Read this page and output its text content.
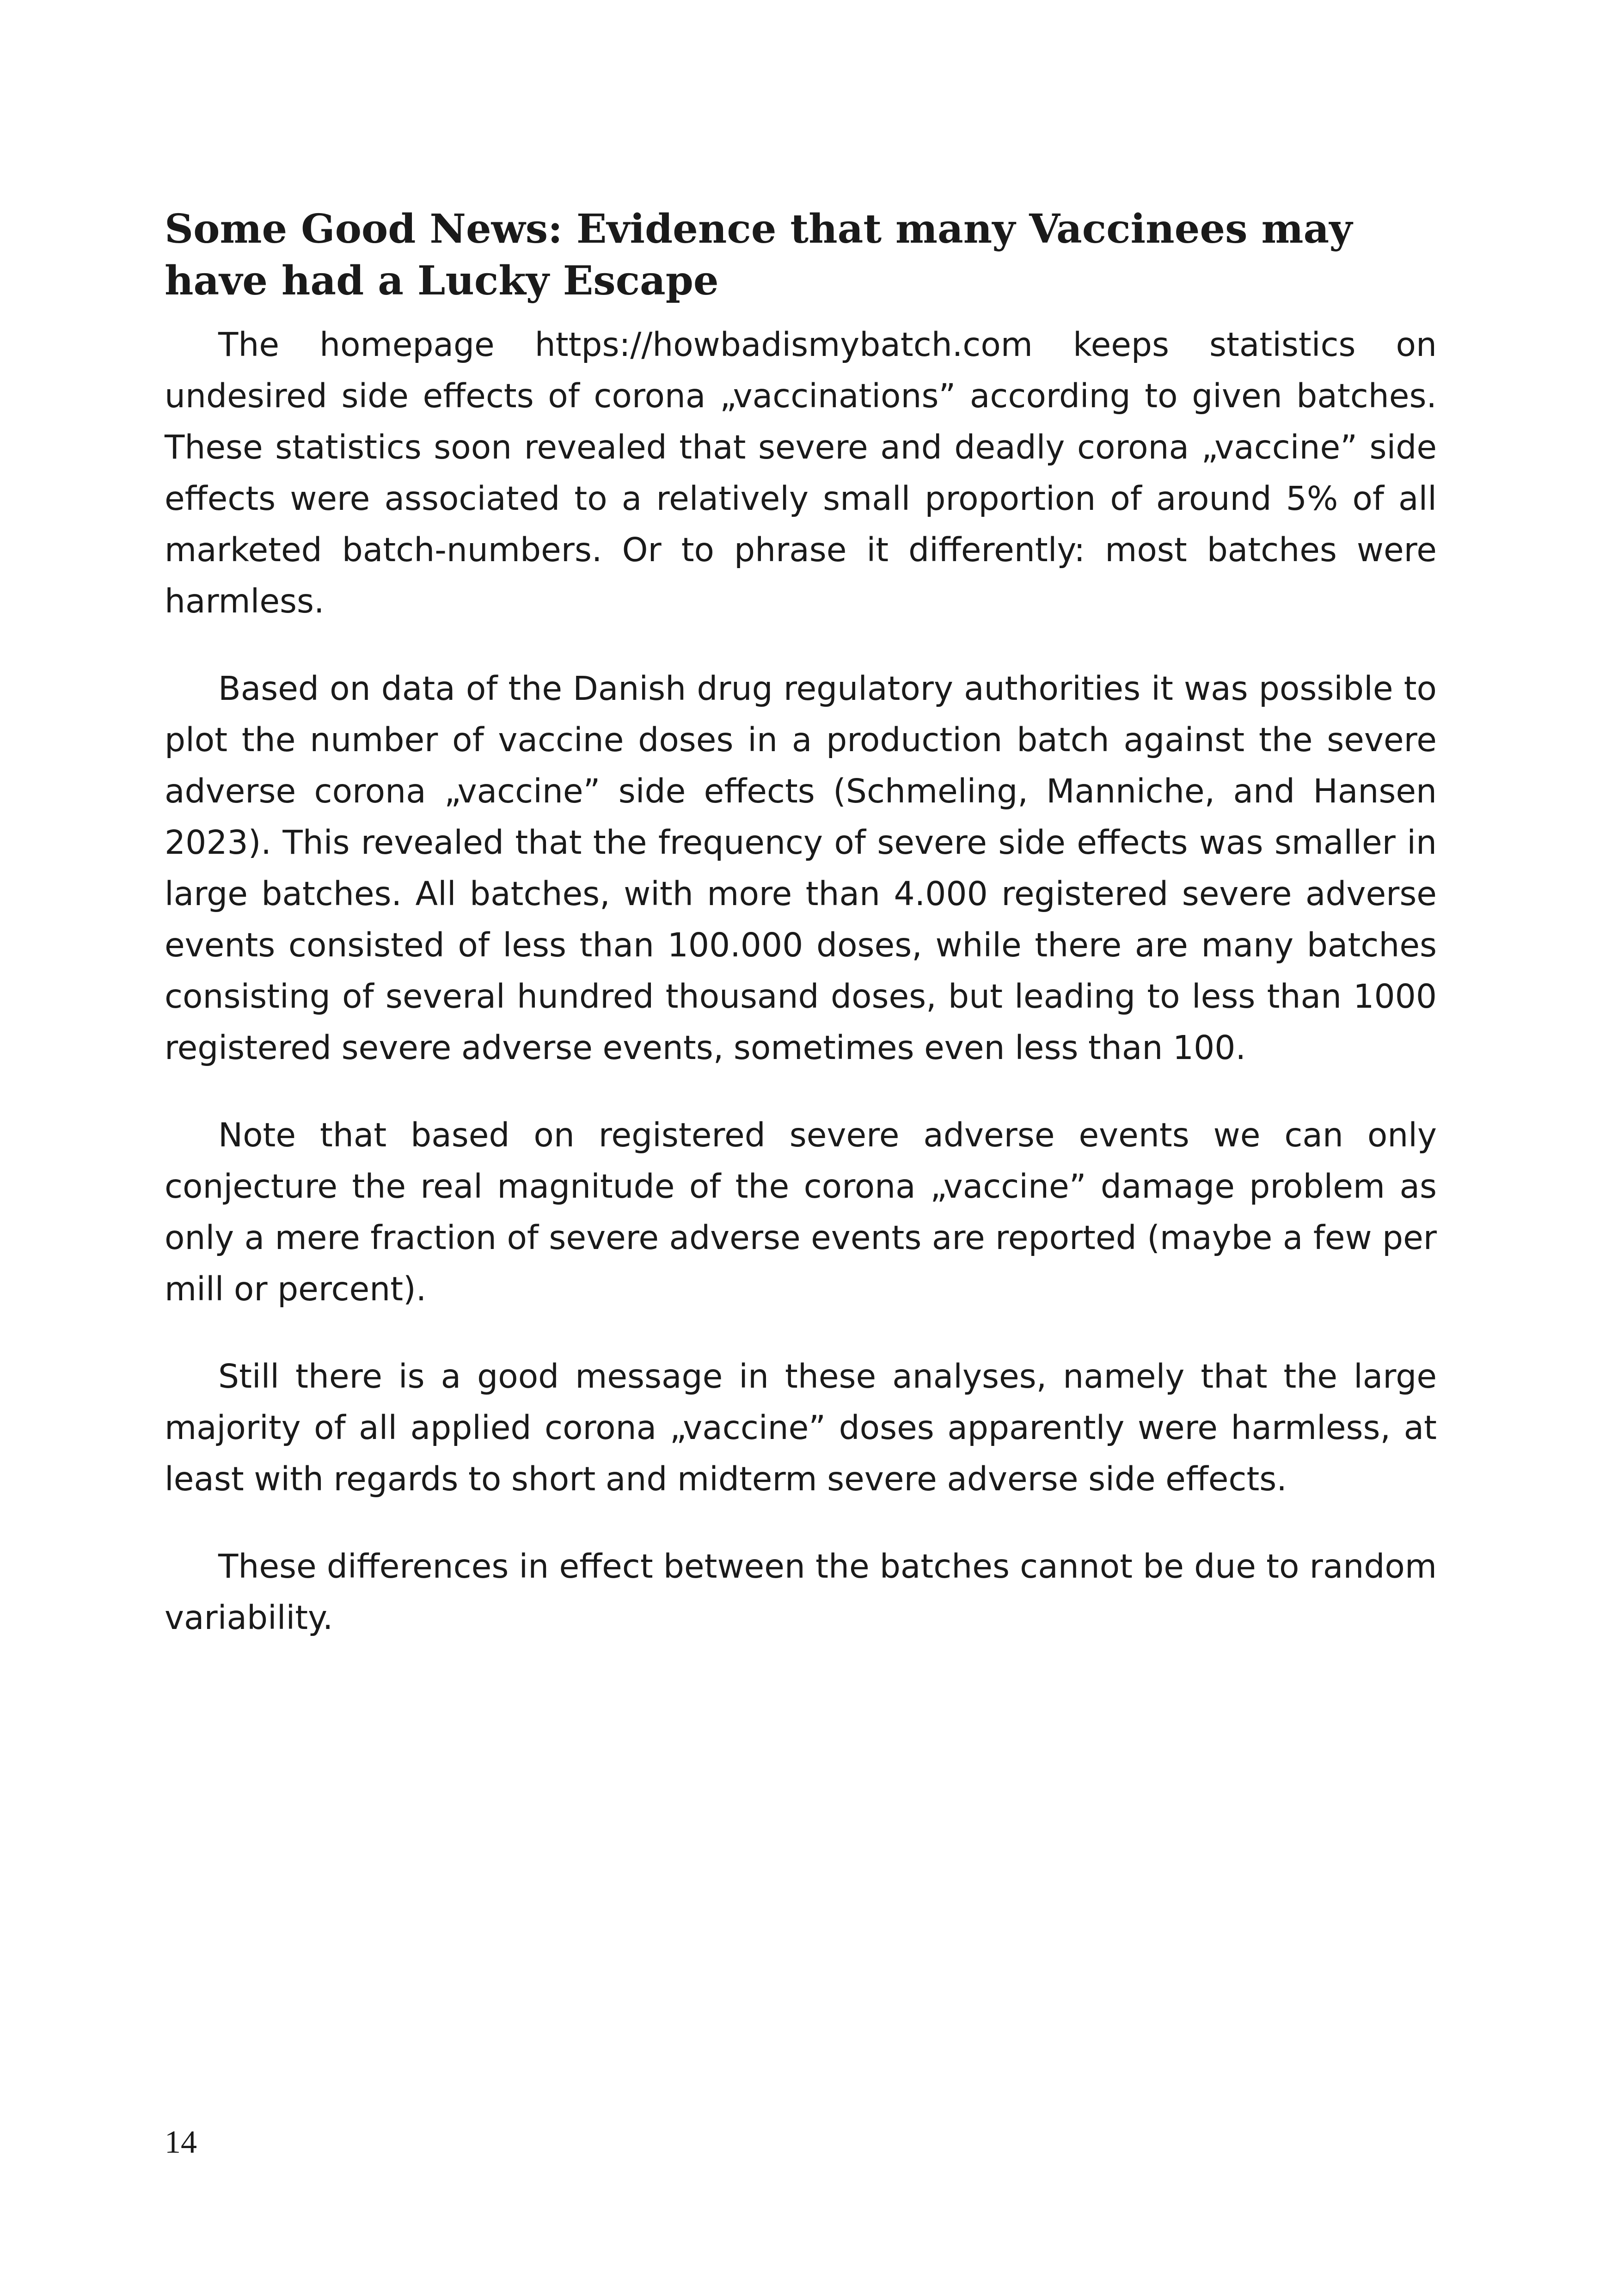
Some Good News: Evidence that many Vaccinees may have had a Lucky Escape

The homepage https://howbadismybatch.com keeps statistics on undesired side effects of corona „vaccinations” according to given batches. These statistics soon revealed that severe and deadly corona „vaccine” side effects were associated to a relatively small proportion of around 5% of all marketed batch-numbers. Or to phrase it differently: most batches were harmless.

Based on data of the Danish drug regulatory authorities it was possible to plot the number of vaccine doses in a production batch against the severe adverse corona „vaccine” side effects (Schmeling, Manniche, and Hansen 2023). This revealed that the frequency of severe side effects was smaller in large batches. All batches, with more than 4.000 registered severe adverse events consisted of less than 100.000 doses, while there are many batches consisting of several hundred thousand doses, but leading to less than 1000 registered severe adverse events, sometimes even less than 100.

Note that based on registered severe adverse events we can only conjecture the real magnitude of the corona „vaccine” damage problem as only a mere fraction of severe adverse events are reported (maybe a few per mill or percent).

Still there is a good message in these analyses, namely that the large majority of all applied corona „vaccine” doses apparently were harmless, at least with regards to short and midterm severe adverse side effects.

These differences in effect between the batches cannot be due to random variability.

14
